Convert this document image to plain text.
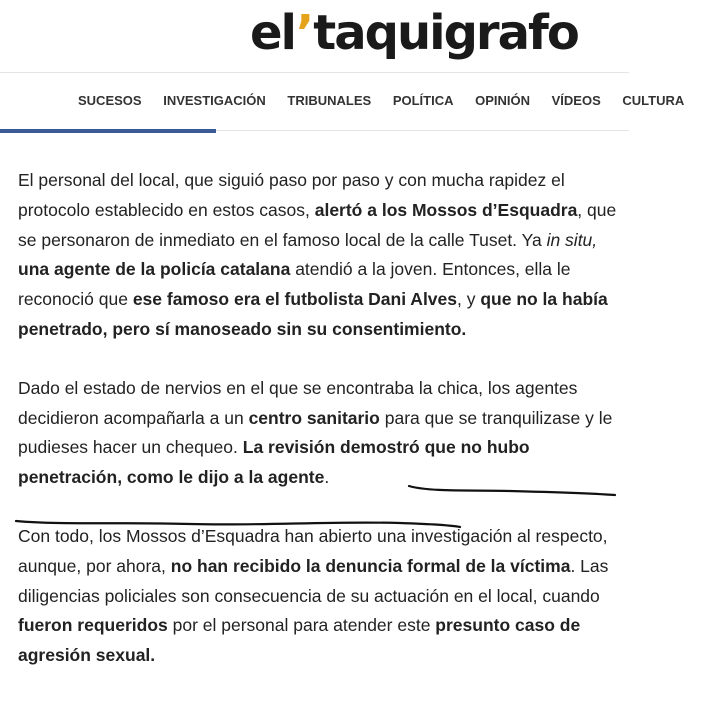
el’taquigrafo
SUCESOS INVESTIGACIÓN TRIBUNALES POLÍTICA OPINIÓN VÍDEOS CULTURA

El personal del local, que siguió paso por paso y con mucha rapidez el protocolo establecido en estos casos, alertó a los Mossos d’Esquadra, que se personaron de inmediato en el famoso local de la calle Tuset. Ya in situ, una agente de la policía catalana atendió a la joven. Entonces, ella le reconoció que ese famoso era el futbolista Dani Alves, y que no la había penetrado, pero sí manoseado sin su consentimiento.

Dado el estado de nervios en el que se encontraba la chica, los agentes decidieron acompañarla a un centro sanitario para que se tranquilizase y le pudieses hacer un chequeo. La revisión demostró que no hubo penetración, como le dijo a la agente.

Con todo, los Mossos d’Esquadra han abierto una investigación al respecto, aunque, por ahora, no han recibido la denuncia formal de la víctima. Las diligencias policiales son consecuencia de su actuación en el local, cuando fueron requeridos por el personal para atender este presunto caso de agresión sexual.
